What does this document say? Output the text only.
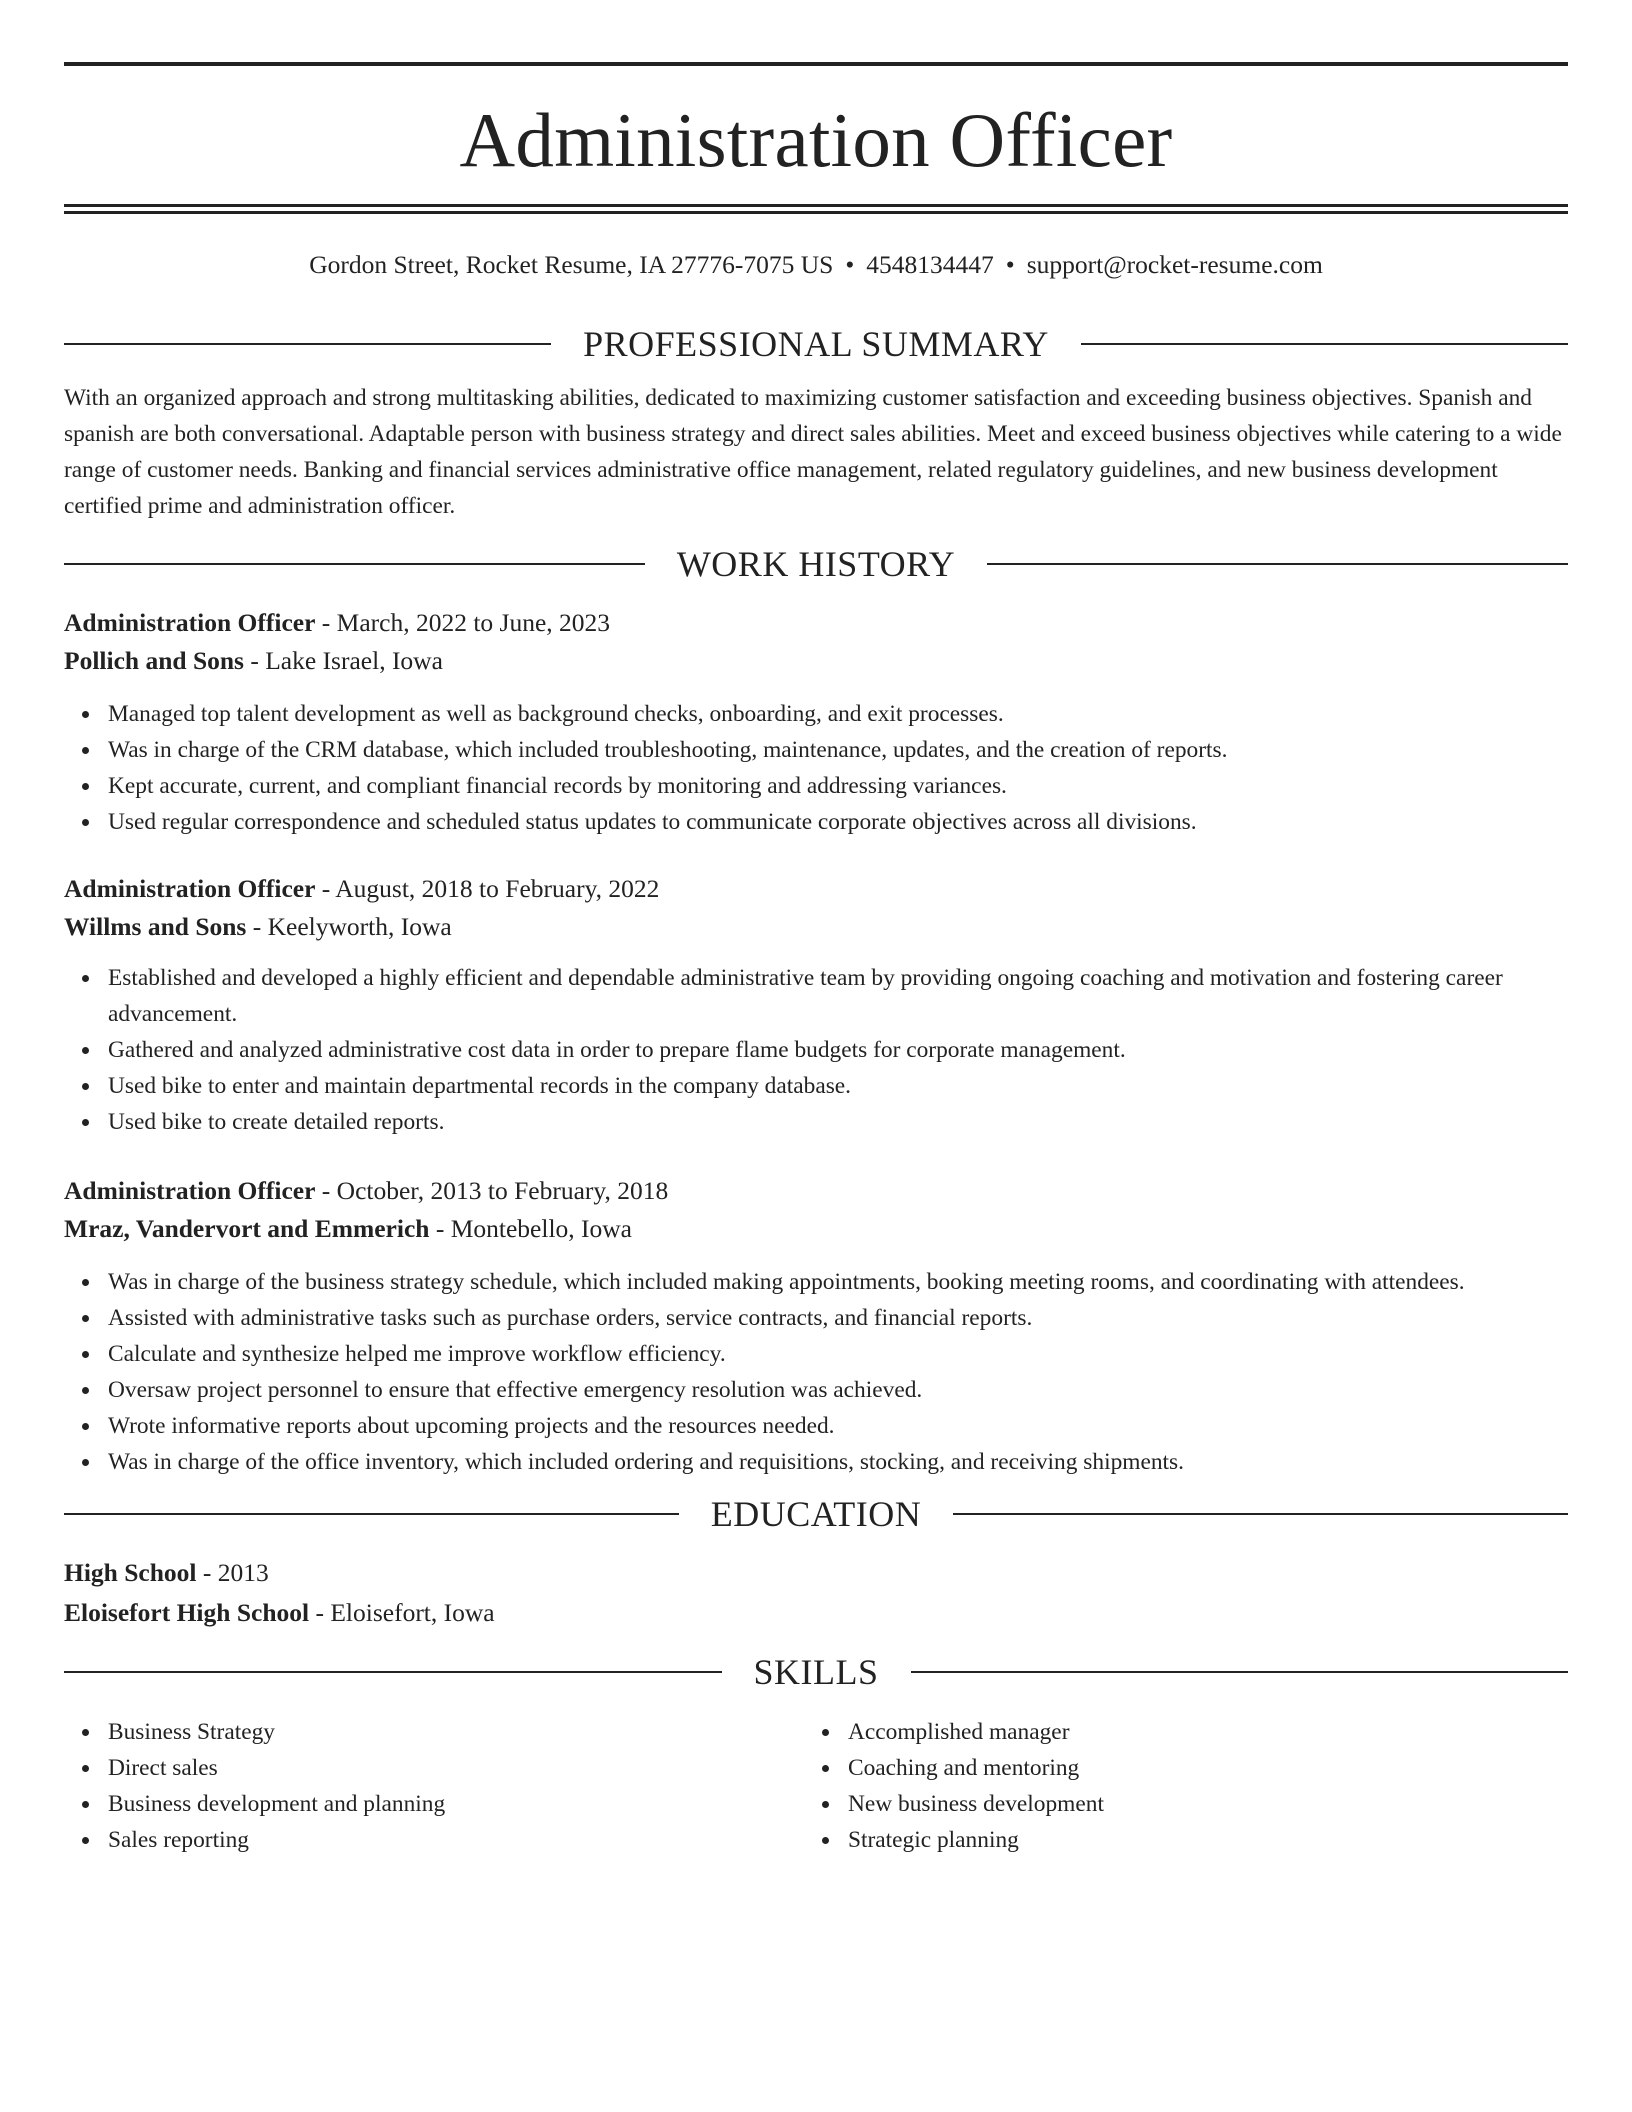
Administration Officer
Gordon Street, Rocket Resume, IA 27776-7075 US • 4548134447 • support@rocket-resume.com
PROFESSIONAL SUMMARY

With an organized approach and strong multitasking abilities, dedicated to maximizing customer satisfaction and exceeding business objectives. Spanish and spanish are both conversational. Adaptable person with business strategy and direct sales abilities. Meet and exceed business objectives while catering to a wide range of customer needs. Banking and financial services administrative office management, related regulatory guidelines, and new business development certified prime and administration officer.

WORK HISTORY

Administration Officer - March, 2022 to June, 2023

Pollich and Sons - Lake Israel, Iowa

Managed top talent development as well as background checks, onboarding, and exit processes.
Was in charge of the CRM database, which included troubleshooting, maintenance, updates, and the creation of reports.
Kept accurate, current, and compliant financial records by monitoring and addressing variances.
Used regular correspondence and scheduled status updates to communicate corporate objectives across all divisions.

Administration Officer - August, 2018 to February, 2022

Willms and Sons - Keelyworth, Iowa

Established and developed a highly efficient and dependable administrative team by providing ongoing coaching and motivation and fostering career advancement.
Gathered and analyzed administrative cost data in order to prepare flame budgets for corporate management.
Used bike to enter and maintain departmental records in the company database.
Used bike to create detailed reports.

Administration Officer - October, 2013 to February, 2018

Mraz, Vandervort and Emmerich - Montebello, Iowa

Was in charge of the business strategy schedule, which included making appointments, booking meeting rooms, and coordinating with attendees.
Assisted with administrative tasks such as purchase orders, service contracts, and financial reports.
Calculate and synthesize helped me improve workflow efficiency.
Oversaw project personnel to ensure that effective emergency resolution was achieved.
Wrote informative reports about upcoming projects and the resources needed.
Was in charge of the office inventory, which included ordering and requisitions, stocking, and receiving shipments.
EDUCATION

High School - 2013

Eloisefort High School - Eloisefort, Iowa

SKILLS
Business Strategy
Direct sales
Business development and planning
Sales reporting
Accomplished manager
Coaching and mentoring
New business development
Strategic planning
